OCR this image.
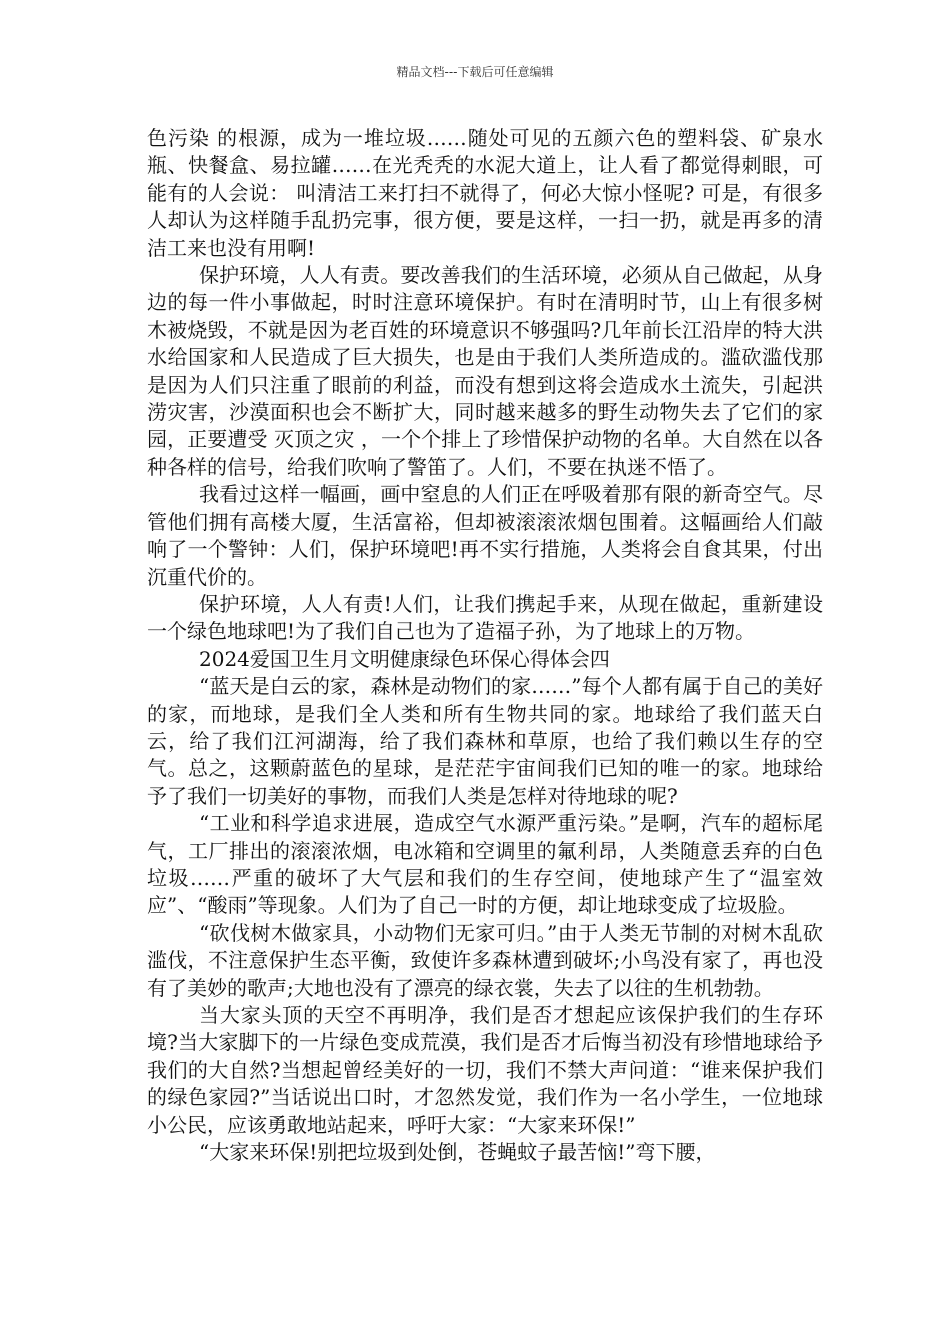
精品文档---下载后可任意编辑

色污染 的根源，成为一堆垃圾……随处可见的五颜六色的塑料袋、矿泉水瓶、快餐盒、易拉罐……在光秃秃的水泥大道上，让人看了都觉得刺眼，可能有的人会说： 叫清洁工来打扫不就得了，何必大惊小怪呢? 可是，有很多人却认为这样随手乱扔完事，很方便，要是这样，一扫一扔，就是再多的清洁工来也没有用啊!

保护环境，人人有责。要改善我们的生活环境，必须从自己做起，从身边的每一件小事做起，时时注意环境保护。有时在清明时节，山上有很多树木被烧毁，不就是因为老百姓的环境意识不够强吗?几年前长江沿岸的特大洪水给国家和人民造成了巨大损失，也是由于我们人类所造成的。滥砍滥伐那是因为人们只注重了眼前的利益，而没有想到这将会造成水土流失，引起洪涝灾害，沙漠面积也会不断扩大，同时越来越多的野生动物失去了它们的家园，正要遭受 灭顶之灾 ，一个个排上了珍惜保护动物的名单。大自然在以各种各样的信号，给我们吹响了警笛了。人们，不要在执迷不悟了。

我看过这样一幅画，画中窒息的人们正在呼吸着那有限的新奇空气。尽管他们拥有高楼大厦，生活富裕，但却被滚滚浓烟包围着。这幅画给人们敲响了一个警钟：人们，保护环境吧!再不实行措施，人类将会自食其果，付出沉重代价的。

保护环境，人人有责!人们，让我们携起手来，从现在做起，重新建设一个绿色地球吧!为了我们自己也为了造福子孙，为了地球上的万物。

2024爱国卫生月文明健康绿色环保心得体会四

“蓝天是白云的家，森林是动物们的家……”每个人都有属于自己的美好的家，而地球，是我们全人类和所有生物共同的家。地球给了我们蓝天白云，给了我们江河湖海，给了我们森林和草原，也给了我们赖以生存的空气。总之，这颗蔚蓝色的星球，是茫茫宇宙间我们已知的唯一的家。地球给予了我们一切美好的事物，而我们人类是怎样对待地球的呢?

“工业和科学追求进展，造成空气水源严重污染。”是啊，汽车的超标尾气，工厂排出的滚滚浓烟，电冰箱和空调里的氟利昂，人类随意丢弃的白色垃圾……严重的破坏了大气层和我们的生存空间，使地球产生了“温室效应”、“酸雨”等现象。人们为了自己一时的方便，却让地球变成了垃圾脸。

“砍伐树木做家具，小动物们无家可归。”由于人类无节制的对树木乱砍滥伐，不注意保护生态平衡，致使许多森林遭到破坏;小鸟没有家了，再也没有了美妙的歌声;大地也没有了漂亮的绿衣裳，失去了以往的生机勃勃。

当大家头顶的天空不再明净，我们是否才想起应该保护我们的生存环境?当大家脚下的一片绿色变成荒漠，我们是否才后悔当初没有珍惜地球给予我们的大自然?当想起曾经美好的一切，我们不禁大声问道：“谁来保护我们的绿色家园?”当话说出口时，才忽然发觉，我们作为一名小学生，一位地球小公民，应该勇敢地站起来，呼吁大家：“大家来环保!”

“大家来环保!别把垃圾到处倒，苍蝇蚊子最苦恼!”弯下腰，
